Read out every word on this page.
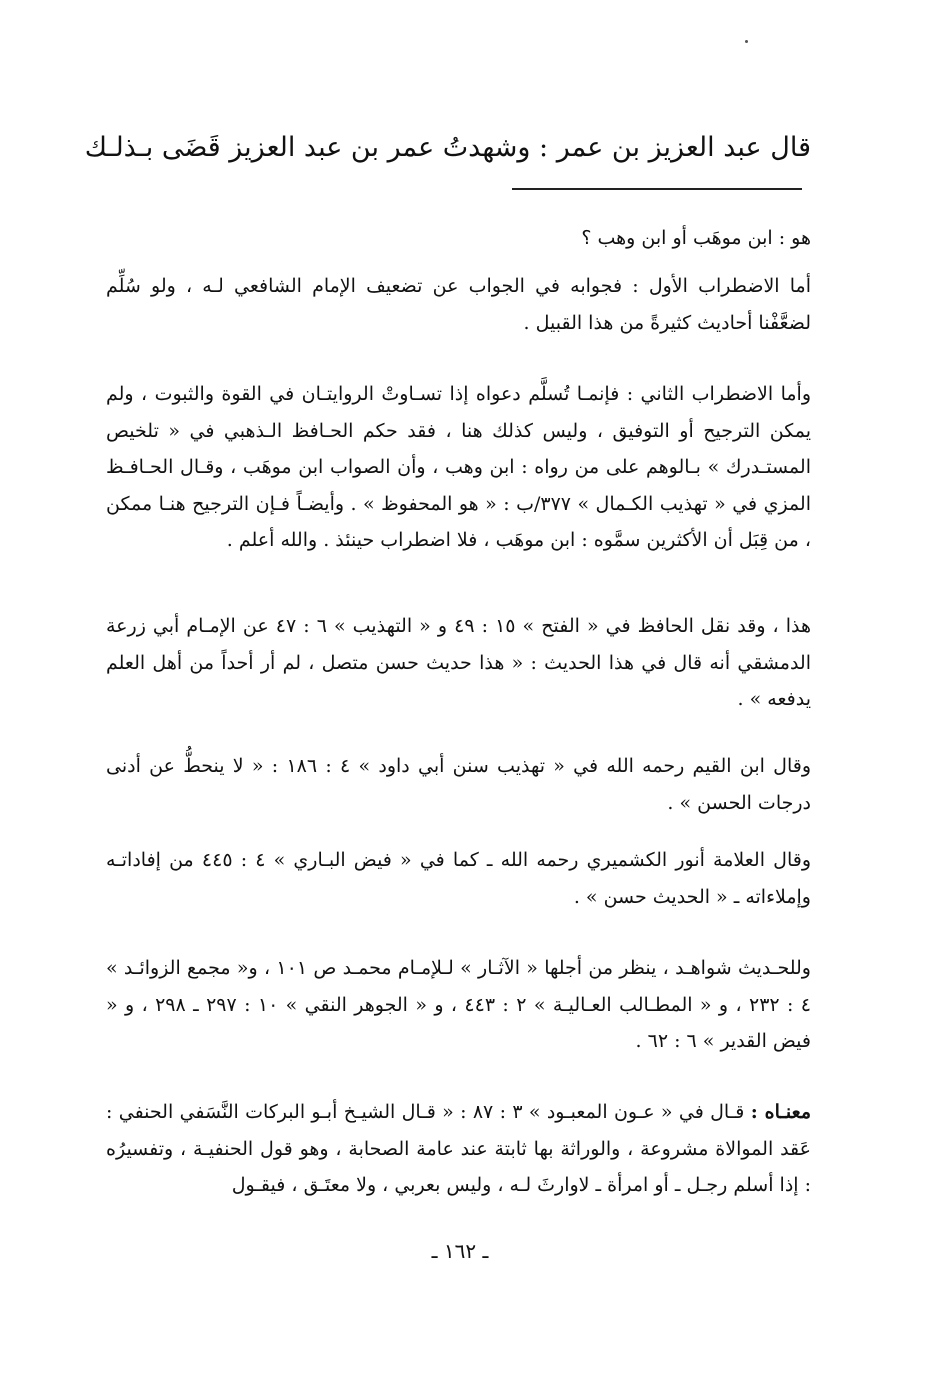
قال عبد العزيز بن عمر : وشهدتُ عمر بن عبد العزيز قَضَى بـذلـك

هو : ابن موهَب أو ابن وهب ؟

أما الاضطراب الأول : فجوابه في الجواب عن تضعيف الإمام الشافعي لـه ، ولو سُلِّم لضعَّفْنا أحاديث كثيرةً من هذا القبيل .

وأما الاضطراب الثاني : فإنمـا تُسلَّم دعواه إذا تسـاوتْ الروايتـان في القوة والثبوت ، ولم يمكن الترجيح أو التوفيق ، وليس كذلك هنا ، فقد حكم الحـافظ الـذهبي في « تلخيص المستـدرك » بـالوهم على من رواه : ابن وهب ، وأن الصواب ابن موهَب ، وقـال الحـافـظ المزي في « تهذيب الكـمال » ٣٧٧/ب : « هو المحفوظ » . وأيضـاً فـإن الترجيح هنـا ممكن ، من قِبَل أن الأكثرين سمَّوه : ابن موهَب ، فلا اضطراب حينئذ . والله أعلم .

هذا ، وقد نقل الحافظ في « الفتح » ١٥ : ٤٩ و « التهذيب » ٦ : ٤٧ عن الإمـام أبي زرعة الدمشقي أنه قال في هذا الحديث : « هذا حديث حسن متصل ، لم أر أحداً من أهل العلم يدفعه » .

وقال ابن القيم رحمه الله في « تهذيب سنن أبي داود » ٤ : ١٨٦ : « لا ينحطُّ عن أدنى درجات الحسن » .

وقال العلامة أنور الكشميري رحمه الله ـ كما في « فيض البـاري » ٤ : ٤٤٥ من إفاداتـه وإملاءاته ـ « الحديث حسن » .

وللحـديث شواهـد ، ينظر من أجلها « الآثـار » لـلإمـام محمـد ص ١٠١ ، و« مجمع الزوائـد » ٤ : ٢٣٢ ، و « المطـالب العـاليـة » ٢ : ٤٤٣ ، و « الجوهر النقي » ١٠ : ٢٩٧ ـ ٢٩٨ ، و « فيض القدير » ٦ : ٦٢ .

معنـاه : قـال في « عـون المعبـود » ٣ : ٨٧ : « قـال الشيـخ أبـو البركات النَّسَفي الحنفي : عَقد الموالاة مشروعة ، والوراثة بها ثابتة عند عامة الصحابة ، وهو قول الحنفيـة ، وتفسيرُه : إذا أسلم رجـل ـ أو امرأة ـ لاوارثَ لـه ، وليس بعربي ، ولا معتَـق ، فيقـول

ـ ١٦٢ ـ
